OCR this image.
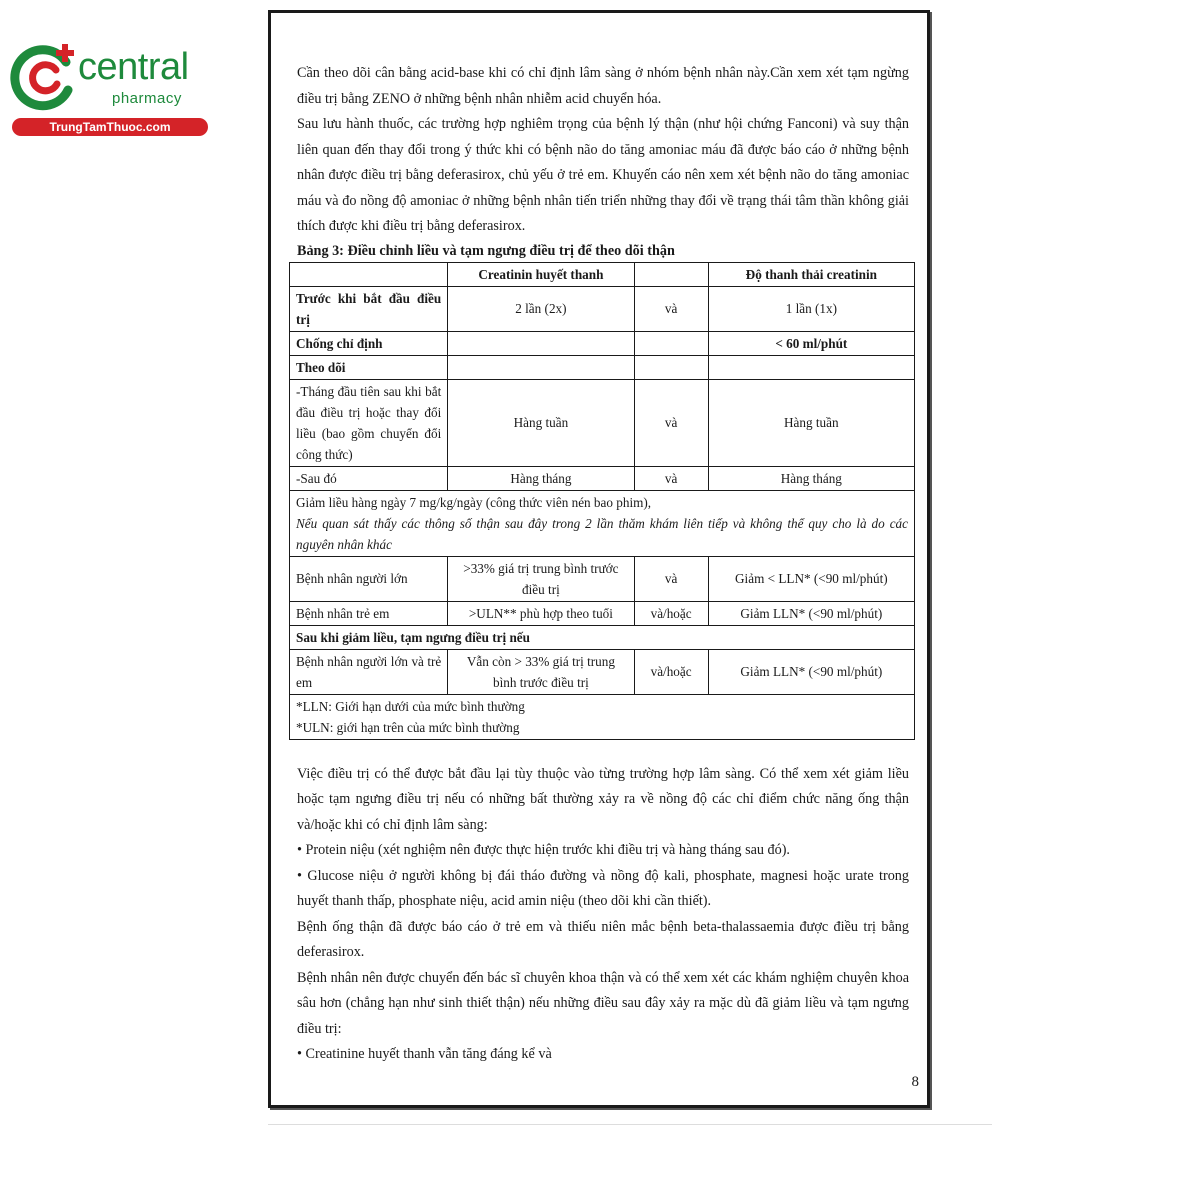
central
pharmacy
TrungTamThuoc.com

Cần theo dõi cân bằng acid-base khi có chỉ định lâm sàng ở nhóm bệnh nhân này.Cần xem xét tạm ngừng điều trị bằng ZENO ở những bệnh nhân nhiễm acid chuyển hóa.

Sau lưu hành thuốc, các trường hợp nghiêm trọng của bệnh lý thận (như hội chứng Fanconi) và suy thận liên quan đến thay đổi trong ý thức khi có bệnh não do tăng amoniac máu đã được báo cáo ở những bệnh nhân được điều trị bằng deferasirox, chủ yếu ở trẻ em. Khuyến cáo nên xem xét bệnh não do tăng amoniac máu và đo nồng độ amoniac ở những bệnh nhân tiến triển những thay đổi về trạng thái tâm thần không giải thích được khi điều trị bằng deferasirox.

Bảng 3: Điều chỉnh liều và tạm ngưng điều trị để theo dõi thận
	Creatinin huyết thanh		Độ thanh thải creatinin
Trước khi bắt đầu điều trị	2 lần (2x)	và	1 lần (1x)
Chống chỉ định			< 60 ml/phút
Theo dõi			
-Tháng đầu tiên sau khi bắt đầu điều trị hoặc thay đổi liều (bao gồm chuyển đổi công thức)	Hàng tuần	và	Hàng tuần
-Sau đó	Hàng tháng	và	Hàng tháng

Giảm liều hàng ngày 7 mg/kg/ngày (công thức viên nén bao phim),
Nếu quan sát thấy các thông số thận sau đây trong 2 lần thăm khám liên tiếp và không thể quy cho là do các nguyên nhân khác			

Bệnh nhân người lớn	>33% giá trị trung bình trước điều trị	và	Giảm < LLN* (<90 ml/phút)
Bệnh nhân trẻ em	>ULN** phù hợp theo tuổi	và/hoặc	Giảm LLN* (<90 ml/phút)
Sau khi giảm liều, tạm ngưng điều trị nếu			
Bệnh nhân người lớn và trẻ em	Vẫn còn > 33% giá trị trung bình trước điều trị	và/hoặc	Giảm LLN* (<90 ml/phút)

*LLN: Giới hạn dưới của mức bình thường
*ULN: giới hạn trên của mức bình thường			

Việc điều trị có thể được bắt đầu lại tùy thuộc vào từng trường hợp lâm sàng. Có thể xem xét giảm liều hoặc tạm ngưng điều trị nếu có những bất thường xảy ra về nồng độ các chỉ điểm chức năng ống thận và/hoặc khi có chỉ định lâm sàng:

• Protein niệu (xét nghiệm nên được thực hiện trước khi điều trị và hàng tháng sau đó).

• Glucose niệu ở người không bị đái tháo đường và nồng độ kali, phosphate, magnesi hoặc urate trong huyết thanh thấp, phosphate niệu, acid amin niệu (theo dõi khi cần thiết).

Bệnh ống thận đã được báo cáo ở trẻ em và thiếu niên mắc bệnh beta-thalassaemia được điều trị bằng deferasirox.

Bệnh nhân nên được chuyển đến bác sĩ chuyên khoa thận và có thể xem xét các khám nghiệm chuyên khoa sâu hơn (chẳng hạn như sinh thiết thận) nếu những điều sau đây xảy ra mặc dù đã giảm liều và tạm ngưng điều trị:

• Creatinine huyết thanh vẫn tăng đáng kể và

8
